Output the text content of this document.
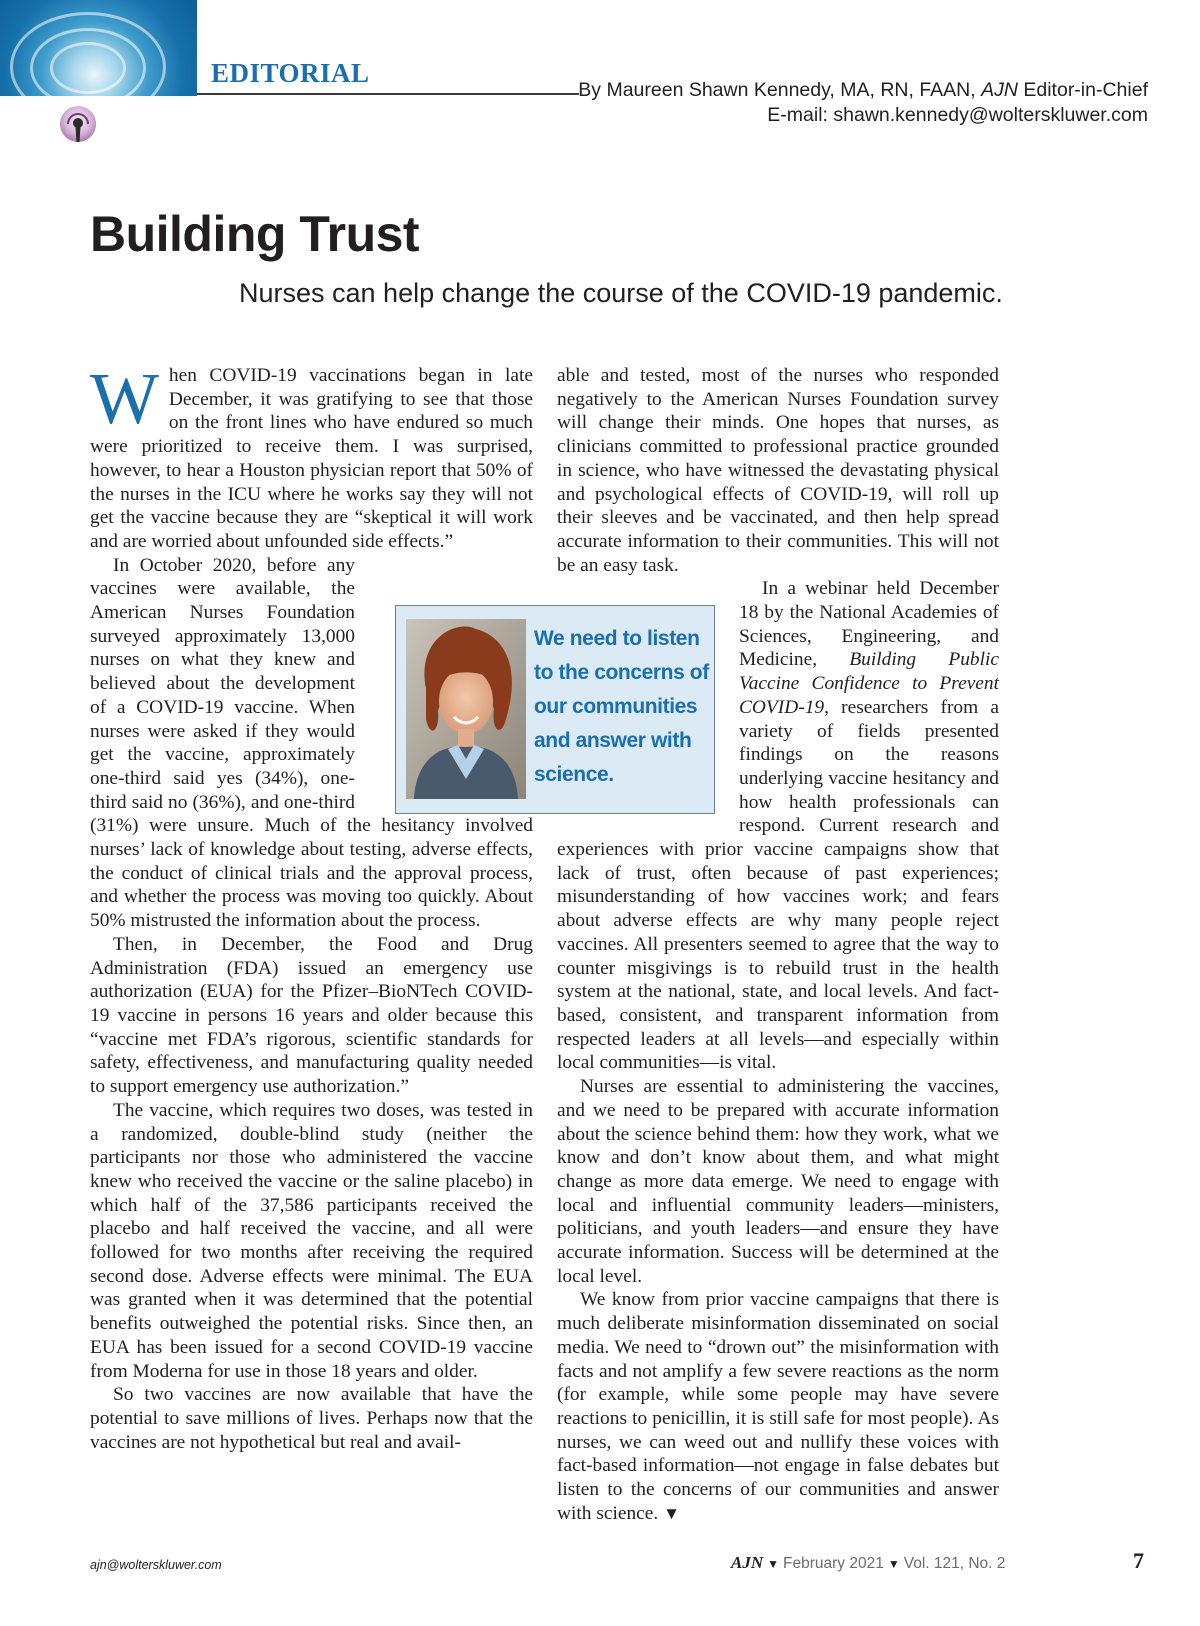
EDITORIAL
By Maureen Shawn Kennedy, MA, RN, FAAN, AJN Editor-in-Chief
E-mail: shawn.kennedy@wolterskluwer.com
Building Trust
Nurses can help change the course of the COVID-19 pandemic.

When COVID-19 vaccinations began in late December, it was gratifying to see that those on the front lines who have endured so much were prioritized to receive them. I was surprised, however, to hear a Houston physician report that 50% of the nurses in the ICU where he works say they will not get the vaccine because they are “skeptical it will work and are worried about unfounded side effects.”

In October 2020, before any vaccines were available, the American Nurses Foundation surveyed approximately 13,000 nurses on what they knew and believed about the development of a COVID-19 vaccine. When nurses were asked if they would get the vaccine, approximately one-third said yes (34%), one-third said no (36%), and one-third (31%) were unsure. Much of the hesitancy involved nurses’ lack of knowledge about testing, adverse effects, the conduct of clinical trials and the approval process, and whether the process was moving too quickly. About 50% mistrusted the information about the process.

Then, in December, the Food and Drug Administration (FDA) issued an emergency use authorization (EUA) for the Pfizer–BioNTech COVID-19 vaccine in persons 16 years and older because this “vaccine met FDA’s rigorous, scientific standards for safety, effectiveness, and manufacturing quality needed to support emergency use authorization.”

The vaccine, which requires two doses, was tested in a randomized, double-blind study (neither the participants nor those who administered the vaccine knew who received the vaccine or the saline placebo) in which half of the 37,586 participants received the placebo and half received the vaccine, and all were followed for two months after receiving the required second dose. Adverse effects were minimal. The EUA was granted when it was determined that the potential benefits outweighed the potential risks. Since then, an EUA has been issued for a second COVID-19 vaccine from Moderna for use in those 18 years and older.

So two vaccines are now available that have the potential to save millions of lives. Perhaps now that the vaccines are not hypothetical but real and avail-

able and tested, most of the nurses who responded negatively to the American Nurses Foundation survey will change their minds. One hopes that nurses, as clinicians committed to professional practice grounded in science, who have witnessed the devastating physical and psychological effects of COVID-19, will roll up their sleeves and be vaccinated, and then help spread accurate information to their communities. This will not be an easy task.

In a webinar held December 18 by the National Academies of Sciences, Engineering, and Medicine, Building Public Vaccine Confidence to Prevent COVID-19, researchers from a variety of fields presented findings on the reasons underlying vaccine hesitancy and how health professionals can respond. Current research and experiences with prior vaccine campaigns show that lack of trust, often because of past experiences; misunderstanding of how vaccines work; and fears about adverse effects are why many people reject vaccines. All presenters seemed to agree that the way to counter misgivings is to rebuild trust in the health system at the national, state, and local levels. And fact-based, consistent, and transparent information from respected leaders at all levels—and especially within local communities—is vital.

Nurses are essential to administering the vaccines, and we need to be prepared with accurate information about the science behind them: how they work, what we know and don’t know about them, and what might change as more data emerge. We need to engage with local and influential community leaders—ministers, politicians, and youth leaders—and ensure they have accurate information. Success will be determined at the local level.

We know from prior vaccine campaigns that there is much deliberate misinformation disseminated on social media. We need to “drown out” the misinformation with facts and not amplify a few severe reactions as the norm (for example, while some people may have severe reactions to penicillin, it is still safe for most people). As nurses, we can weed out and nullify these voices with fact-based information—not engage in false debates but listen to the concerns of our communities and answer with science. ▼

We need to listen to the concerns of our communities and answer with science.
ajn@wolterskluwer.com	AJN ▼ February 2021 ▼ Vol. 121, No. 2	7
